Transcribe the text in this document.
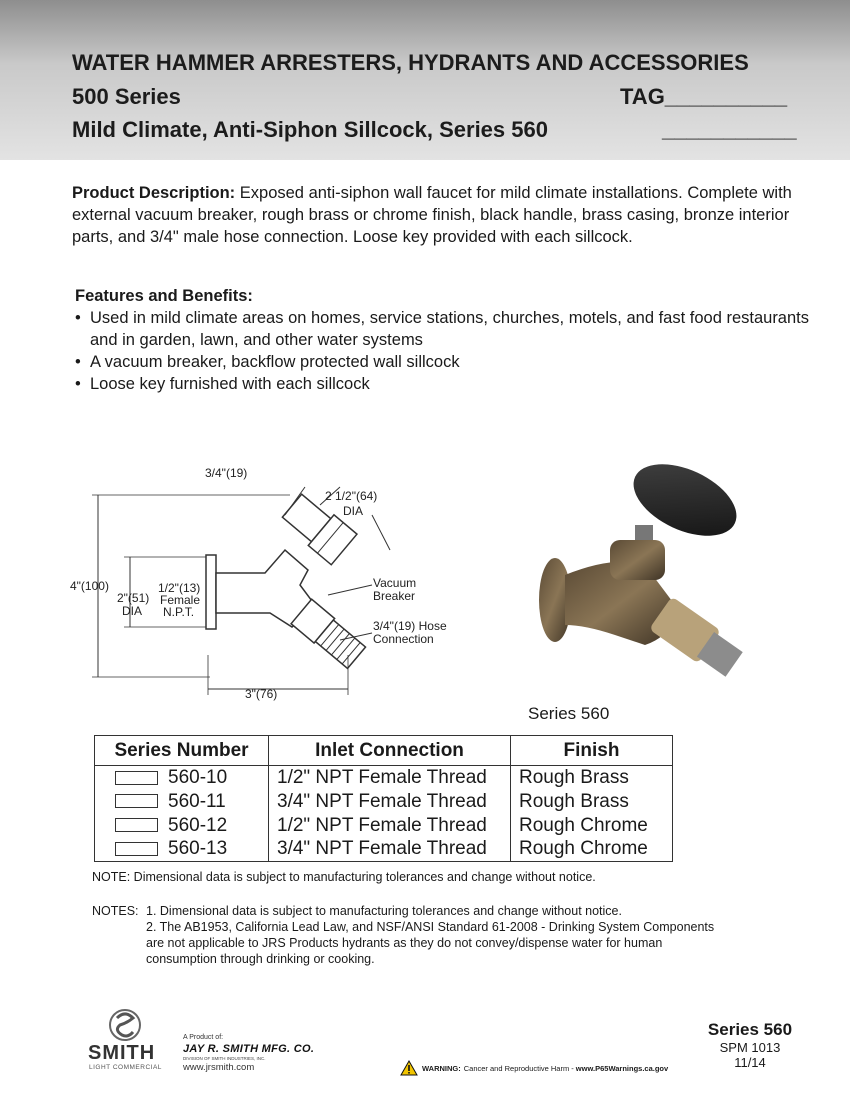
WATER HAMMER ARRESTERS, HYDRANTS AND ACCESSORIES
500 Series	TAG__________
Mild Climate, Anti-Siphon Sillcock, Series 560	___________
Product Description: Exposed anti-siphon wall faucet for mild climate installations. Complete with external vacuum breaker, rough brass or chrome finish, black handle, brass casing, bronze interior parts, and 3/4" male hose connection. Loose key provided with each sillcock.
Features and Benefits:
• Used in mild climate areas on homes, service stations, churches, motels, and fast food restaurants and in garden, lawn, and other water systems
• A vacuum breaker, backflow protected wall sillcock
• Loose key furnished with each sillcock
3/4"(19)
2 1/2"(64)
DIA
4"(100)
2"(51)
DIA
1/2"(13)
Female
N.P.T.
Vacuum
Breaker
3/4"(19) Hose
Connection
3"(76)
Series 560
Series Number	Inlet Connection	Finish
560-10	1/2" NPT Female Thread	Rough Brass
560-11	3/4" NPT Female Thread	Rough Brass
560-12	1/2" NPT Female Thread	Rough Chrome
560-13	3/4" NPT Female Thread	Rough Chrome
NOTE: Dimensional data is subject to manufacturing tolerances and change without notice.
NOTES: 1. Dimensional data is subject to manufacturing tolerances and change without notice.
2. The AB1953, California Lead Law, and NSF/ANSI Standard 61-2008 - Drinking System Components are not applicable to JRS Products hydrants as they do not convey/dispense water for human consumption through drinking or cooking.
SMITH
LIGHT COMMERCIAL
A Product of:
JAY R. SMITH MFG. CO.
DIVISION OF SMITH INDUSTRIES, INC.
www.jrsmith.com	WARNING: Cancer and Reproductive Harm - www.P65Warnings.ca.gov
Series 560
SPM 1013
11/14
